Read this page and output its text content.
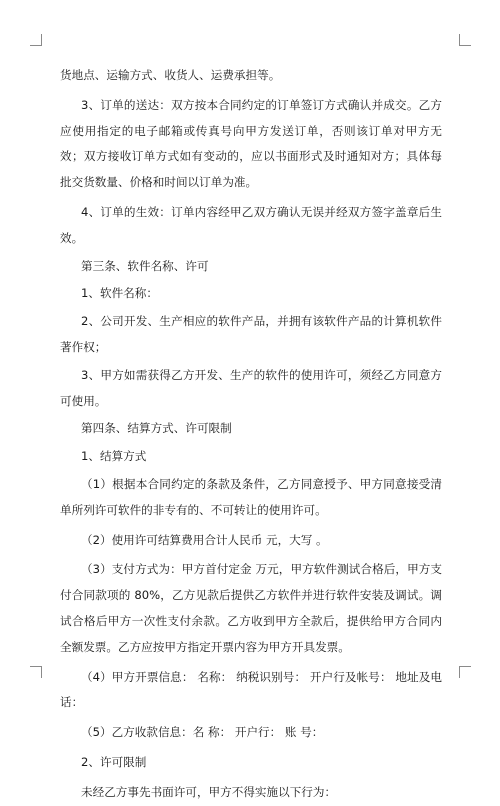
货地点、运输方式、收货人、运费承担等。

3、订单的送达：双方按本合同约定的订单签订方式确认并成交。乙方应使用指定的电子邮箱或传真号向甲方发送订单，否则该订单对甲方无效；双方接收订单方式如有变动的，应以书面形式及时通知对方；具体每批交货数量、价格和时间以订单为准。

4、订单的生效：订单内容经甲乙双方确认无误并经双方签字盖章后生效。

第三条、软件名称、许可

1、软件名称：

2、公司开发、生产相应的软件产品，并拥有该软件产品的计算机软件著作权；

3、甲方如需获得乙方开发、生产的软件的使用许可，须经乙方同意方可使用。

第四条、结算方式、许可限制

1、结算方式

（1）根据本合同约定的条款及条件，乙方同意授予、甲方同意接受清单所列许可软件的非专有的、不可转让的使用许可。

（2）使用许可结算费用合计人民币 元，大写 。

（3）支付方式为：甲方首付定金 万元，甲方软件测试合格后，甲方支付合同款项的 80%，乙方见款后提供乙方软件并进行软件安装及调试。调试合格后甲方一次性支付余款。乙方收到甲方全款后，提供给甲方合同内全额发票。乙方应按甲方指定开票内容为甲方开具发票。

（4）甲方开票信息： 名称： 纳税识别号： 开户行及帐号： 地址及电话：

（5）乙方收款信息：名 称： 开户行： 账 号：

2、许可限制

未经乙方事先书面许可，甲方不得实施以下行为：
